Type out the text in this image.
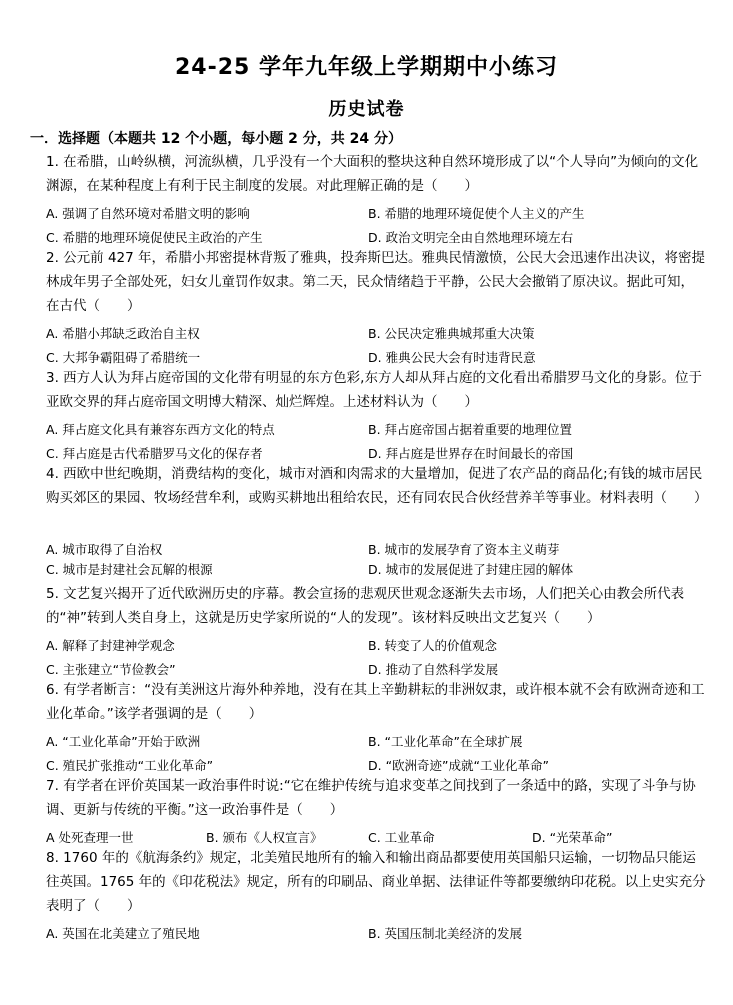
24-25 学年九年级上学期期中小练习
历史试卷
一．选择题（本题共 12 个小题，每小题 2 分，共 24 分）
1. 在希腊，山岭纵横，河流纵横，几乎没有一个大面积的整块这种自然环境形成了以“个人导向”为倾向的文化渊源，在某种程度上有利于民主制度的发展。对此理解正确的是（　　）
A. 强调了自然环境对希腊文明的影响	B. 希腊的地理环境促使个人主义的产生
C. 希腊的地理环境促使民主政治的产生	D. 政治文明完全由自然地理环境左右
2. 公元前 427 年，希腊小邦密提林背叛了雅典，投奔斯巴达。雅典民情激愤，公民大会迅速作出决议，将密提林成年男子全部处死，妇女儿童罚作奴隶。第二天，民众情绪趋于平静，公民大会撤销了原决议。据此可知，在古代（　　）
A. 希腊小邦缺乏政治自主权	B. 公民决定雅典城邦重大决策
C. 大邦争霸阻碍了希腊统一	D. 雅典公民大会有时违背民意
3. 西方人认为拜占庭帝国的文化带有明显的东方色彩,东方人却从拜占庭的文化看出希腊罗马文化的身影。位于亚欧交界的拜占庭帝国文明博大精深、灿烂辉煌。上述材料认为（　　）
A. 拜占庭文化具有兼容东西方文化的特点	B. 拜占庭帝国占据着重要的地理位置
C. 拜占庭是古代希腊罗马文化的保存者	D. 拜占庭是世界存在时间最长的帝国
4. 西欧中世纪晚期，消费结构的变化，城市对酒和肉需求的大量增加，促进了农产品的商品化;有钱的城市居民购买郊区的果园、牧场经营牟利，或购买耕地出租给农民，还有同农民合伙经营养羊等事业。材料表明（　　）
A. 城市取得了自治权	B. 城市的发展孕育了资本主义萌芽
C. 城市是封建社会瓦解的根源	D. 城市的发展促进了封建庄园的解体
5. 文艺复兴揭开了近代欧洲历史的序幕。教会宣扬的悲观厌世观念逐渐失去市场，人们把关心由教会所代表的“神”转到人类自身上，这就是历史学家所说的“人的发现”。该材料反映出文艺复兴（　　）
A. 解释了封建神学观念	B. 转变了人的价值观念
C. 主张建立“节俭教会”	D. 推动了自然科学发展
6. 有学者断言：“没有美洲这片海外种养地，没有在其上辛勤耕耘的非洲奴隶，或许根本就不会有欧洲奇迹和工业化革命。”该学者强调的是（　　）
A. “工业化革命”开始于欧洲	B. “工业化革命”在全球扩展
C. 殖民扩张推动“工业化革命”	D. “欧洲奇迹”成就“工业化革命”
7. 有学者在评价英国某一政治事件时说:“它在维护传统与追求变革之间找到了一条适中的路，实现了斗争与协调、更新与传统的平衡。”这一政治事件是（　　）
A 处死查理一世	B. 颁布《人权宣言》	C. 工业革命	D. “光荣革命”
8. 1760 年的《航海条约》规定，北美殖民地所有的输入和输出商品都要使用英国船只运输，一切物品只能运往英国。1765 年的《印花税法》规定，所有的印刷品、商业单据、法律证件等都要缴纳印花税。以上史实充分表明了（　　）
A. 英国在北美建立了殖民地	B. 英国压制北美经济的发展
